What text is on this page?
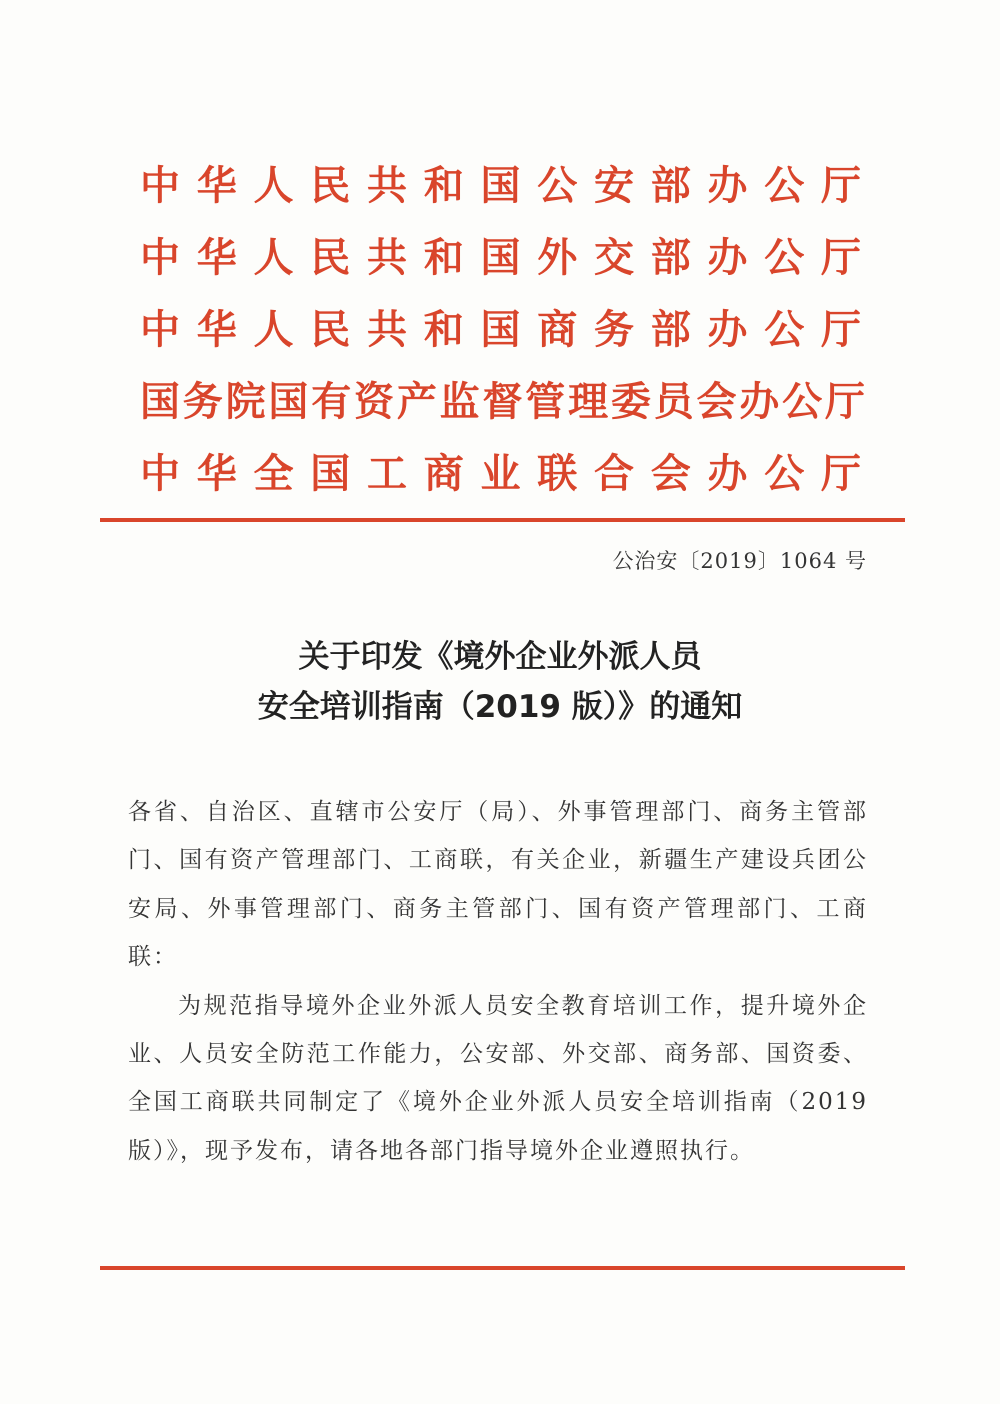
中华人民共和国公安部办公厅
中华人民共和国外交部办公厅
中华人民共和国商务部办公厅
国务院国有资产监督管理委员会办公厅
中华全国工商业联合会办公厅
公治安〔2019〕1064 号
关于印发《境外企业外派人员
安全培训指南（2019 版）》的通知

各省、自治区、直辖市公安厅（局）、外事管理部门、商务主管部门、国有资产管理部门、工商联，有关企业，新疆生产建设兵团公安局、外事管理部门、商务主管部门、国有资产管理部门、工商联：

为规范指导境外企业外派人员安全教育培训工作，提升境外企业、人员安全防范工作能力，公安部、外交部、商务部、国资委、全国工商联共同制定了《境外企业外派人员安全培训指南（2019 版）》，现予发布，请各地各部门指导境外企业遵照执行。
